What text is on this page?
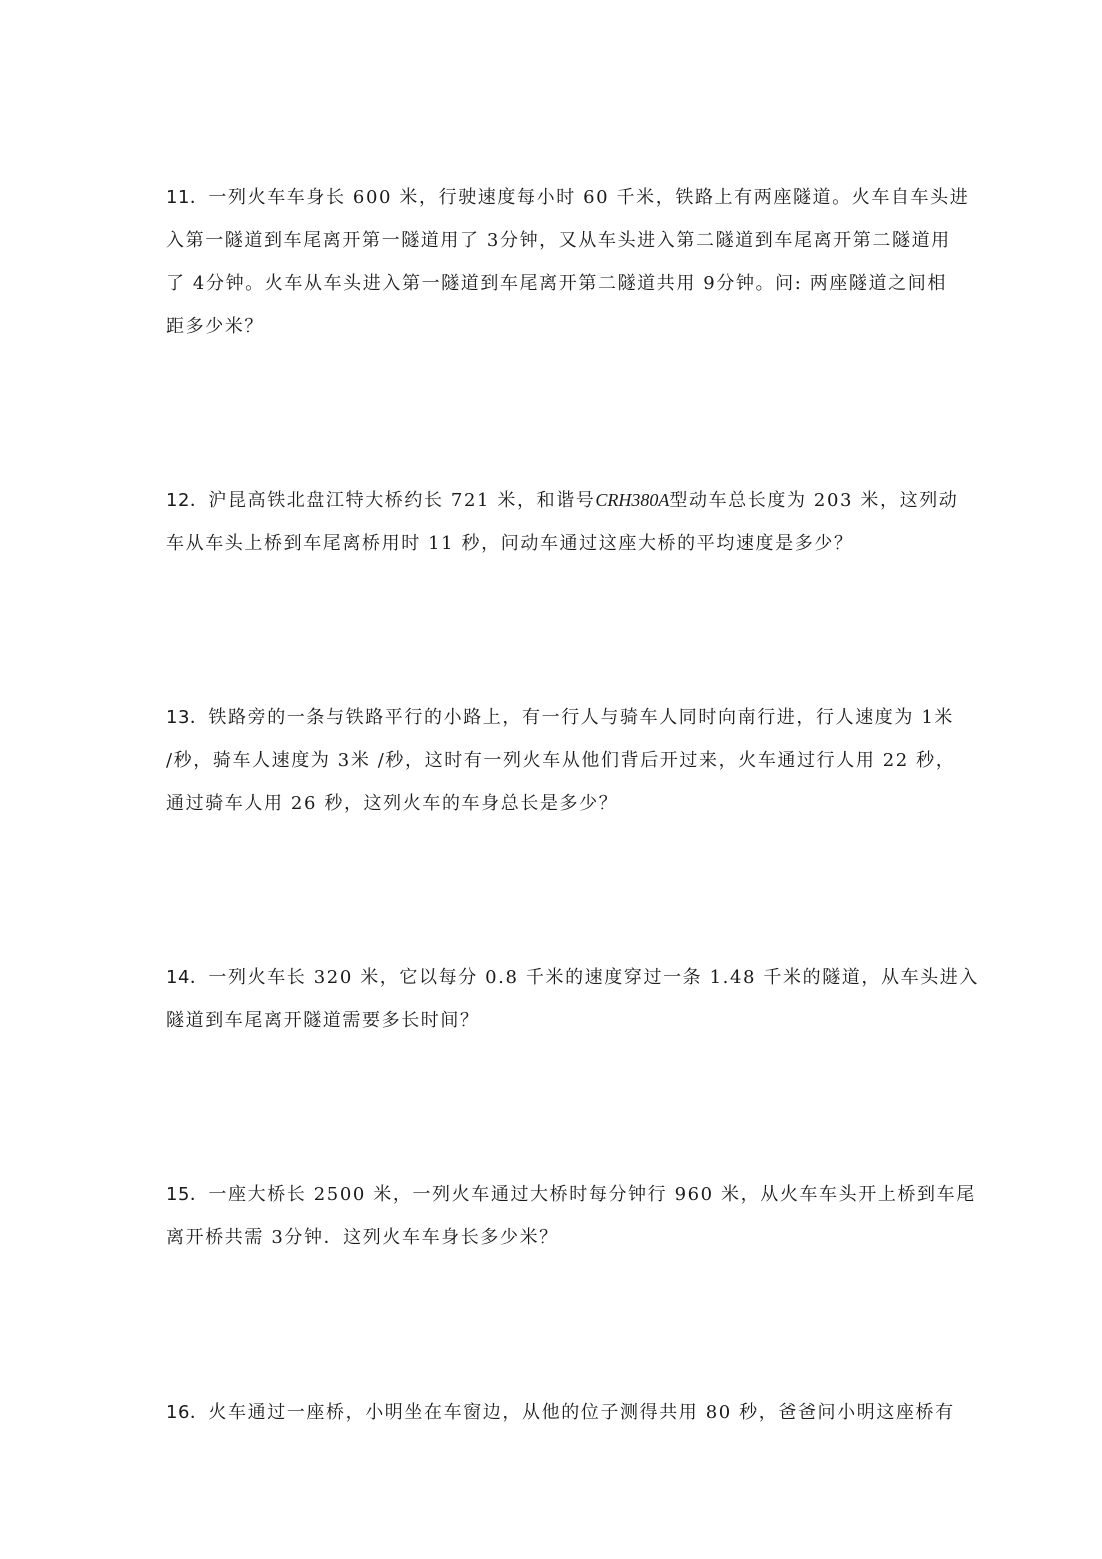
11．一列火车车身长 600 米，行驶速度每小时 60 千米，铁路上有两座隧道。火车自车头进
入第一隧道到车尾离开第一隧道用了 3分钟，又从车头进入第二隧道到车尾离开第二隧道用
了 4分钟。火车从车头进入第一隧道到车尾离开第二隧道共用 9分钟。问: 两座隧道之间相
距多少米？
12．沪昆高铁北盘江特大桥约长 721 米，和谐号CRH380A型动车总长度为 203 米，这列动
车从车头上桥到车尾离桥用时 11 秒，问动车通过这座大桥的平均速度是多少？
13．铁路旁的一条与铁路平行的小路上，有一行人与骑车人同时向南行进，行人速度为 1米
/秒，骑车人速度为 3米 /秒，这时有一列火车从他们背后开过来，火车通过行人用 22 秒，
通过骑车人用 26 秒，这列火车的车身总长是多少？
14．一列火车长 320 米，它以每分 0.8 千米的速度穿过一条 1.48 千米的隧道，从车头进入
隧道到车尾离开隧道需要多长时间？
15．一座大桥长 2500 米，一列火车通过大桥时每分钟行 960 米，从火车车头开上桥到车尾
离开桥共需 3分钟．这列火车车身长多少米？
16．火车通过一座桥，小明坐在车窗边，从他的位子测得共用 80 秒，爸爸问小明这座桥有
